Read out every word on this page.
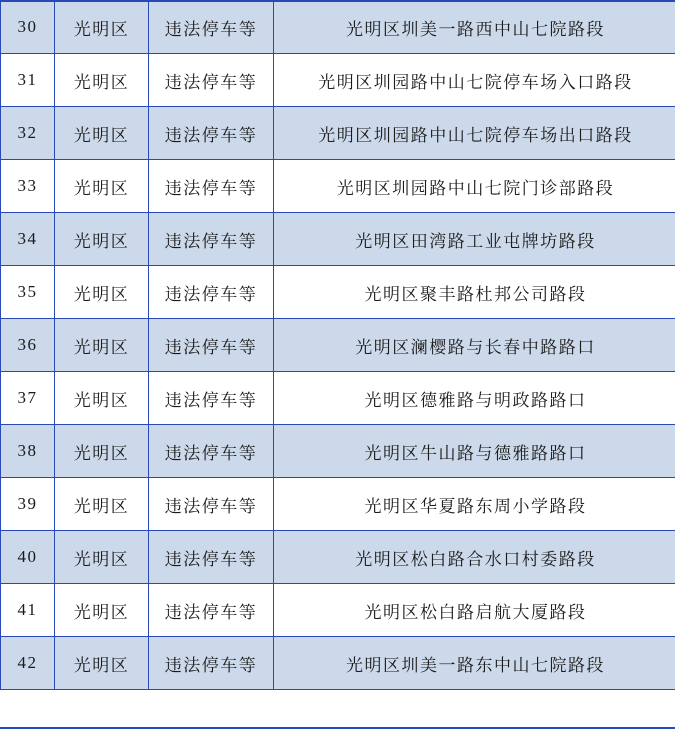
30	光明区	违法停车等	光明区圳美一路西中山七院路段
31	光明区	违法停车等	光明区圳园路中山七院停车场入口路段
32	光明区	违法停车等	光明区圳园路中山七院停车场出口路段
33	光明区	违法停车等	光明区圳园路中山七院门诊部路段
34	光明区	违法停车等	光明区田湾路工业屯牌坊路段
35	光明区	违法停车等	光明区聚丰路杜邦公司路段
36	光明区	违法停车等	光明区澜樱路与长春中路路口
37	光明区	违法停车等	光明区德雅路与明政路路口
38	光明区	违法停车等	光明区牛山路与德雅路路口
39	光明区	违法停车等	光明区华夏路东周小学路段
40	光明区	违法停车等	光明区松白路合水口村委路段
41	光明区	违法停车等	光明区松白路启航大厦路段
42	光明区	违法停车等	光明区圳美一路东中山七院路段
